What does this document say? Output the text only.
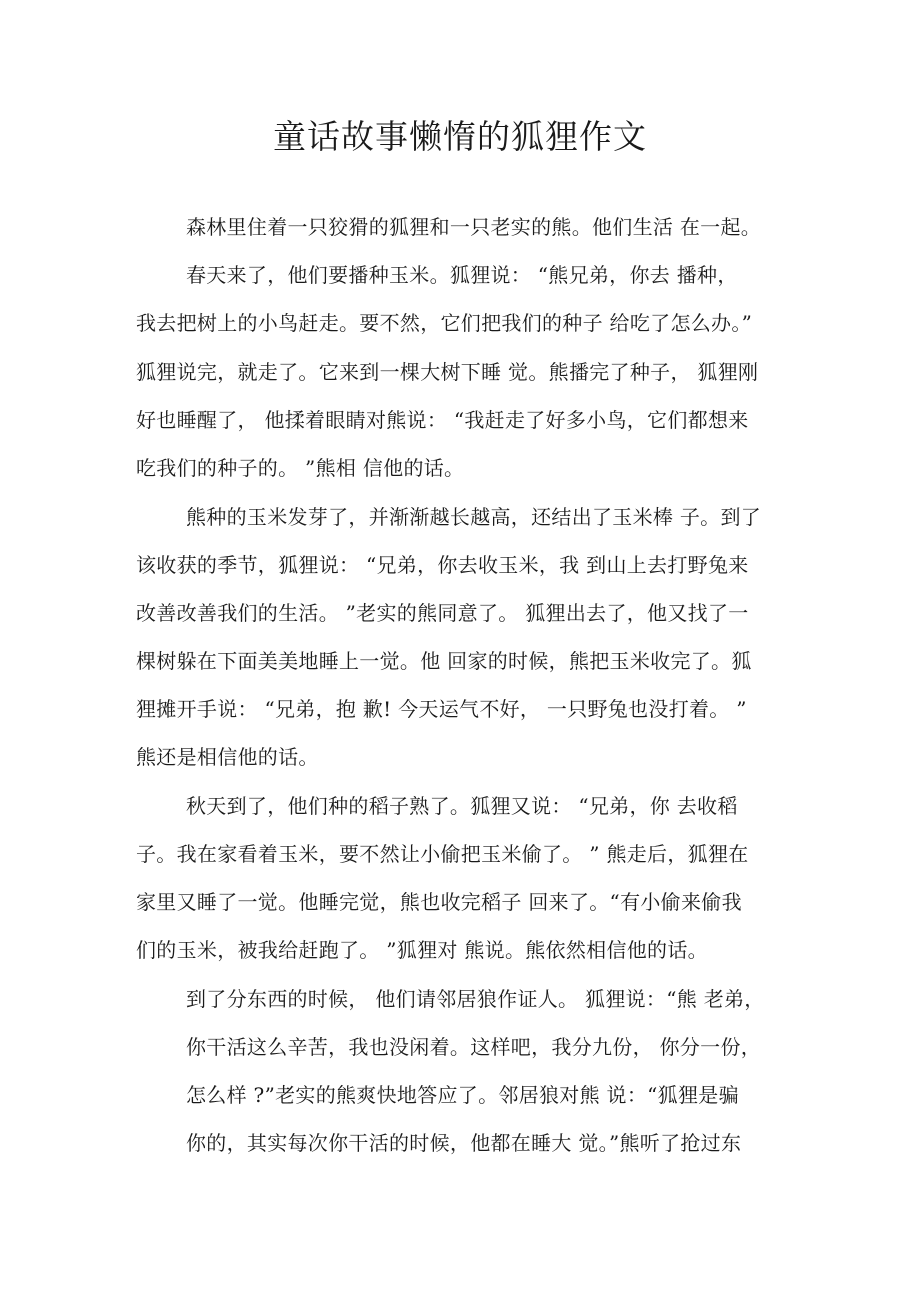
童话故事懒惰的狐狸作文
森林里住着一只狡猾的狐狸和一只老实的熊。他们生活 在一起。
春天来了，他们要播种玉米。狐狸说： “熊兄弟，你去 播种，
我去把树上的小鸟赶走。要不然，它们把我们的种子 给吃了怎么办。”
狐狸说完，就走了。它来到一棵大树下睡 觉。熊播完了种子， 狐狸刚
好也睡醒了， 他揉着眼睛对熊说： “我赶走了好多小鸟，它们都想来
吃我们的种子的。 ”熊相 信他的话。
熊种的玉米发芽了，并渐渐越长越高，还结出了玉米棒 子。到了
该收获的季节，狐狸说： “兄弟，你去收玉米，我 到山上去打野兔来
改善改善我们的生活。 ”老实的熊同意了。 狐狸出去了，他又找了一
棵树躲在下面美美地睡上一觉。他 回家的时候，熊把玉米收完了。狐
狸摊开手说： “兄弟，抱 歉! 今天运气不好， 一只野兔也没打着。 ”
熊还是相信他的话。
秋天到了，他们种的稻子熟了。狐狸又说： “兄弟，你 去收稻
子。我在家看着玉米，要不然让小偷把玉米偷了。 ” 熊走后，狐狸在
家里又睡了一觉。他睡完觉，熊也收完稻子 回来了。“有小偷来偷我
们的玉米，被我给赶跑了。 ”狐狸对 熊说。熊依然相信他的话。
到了分东西的时候， 他们请邻居狼作证人。 狐狸说：“熊 老弟，
你干活这么辛苦，我也没闲着。这样吧，我分九份， 你分一份，
怎么样 ?”老实的熊爽快地答应了。邻居狼对熊 说：“狐狸是骗
你的，其实每次你干活的时候，他都在睡大 觉。”熊听了抢过东
